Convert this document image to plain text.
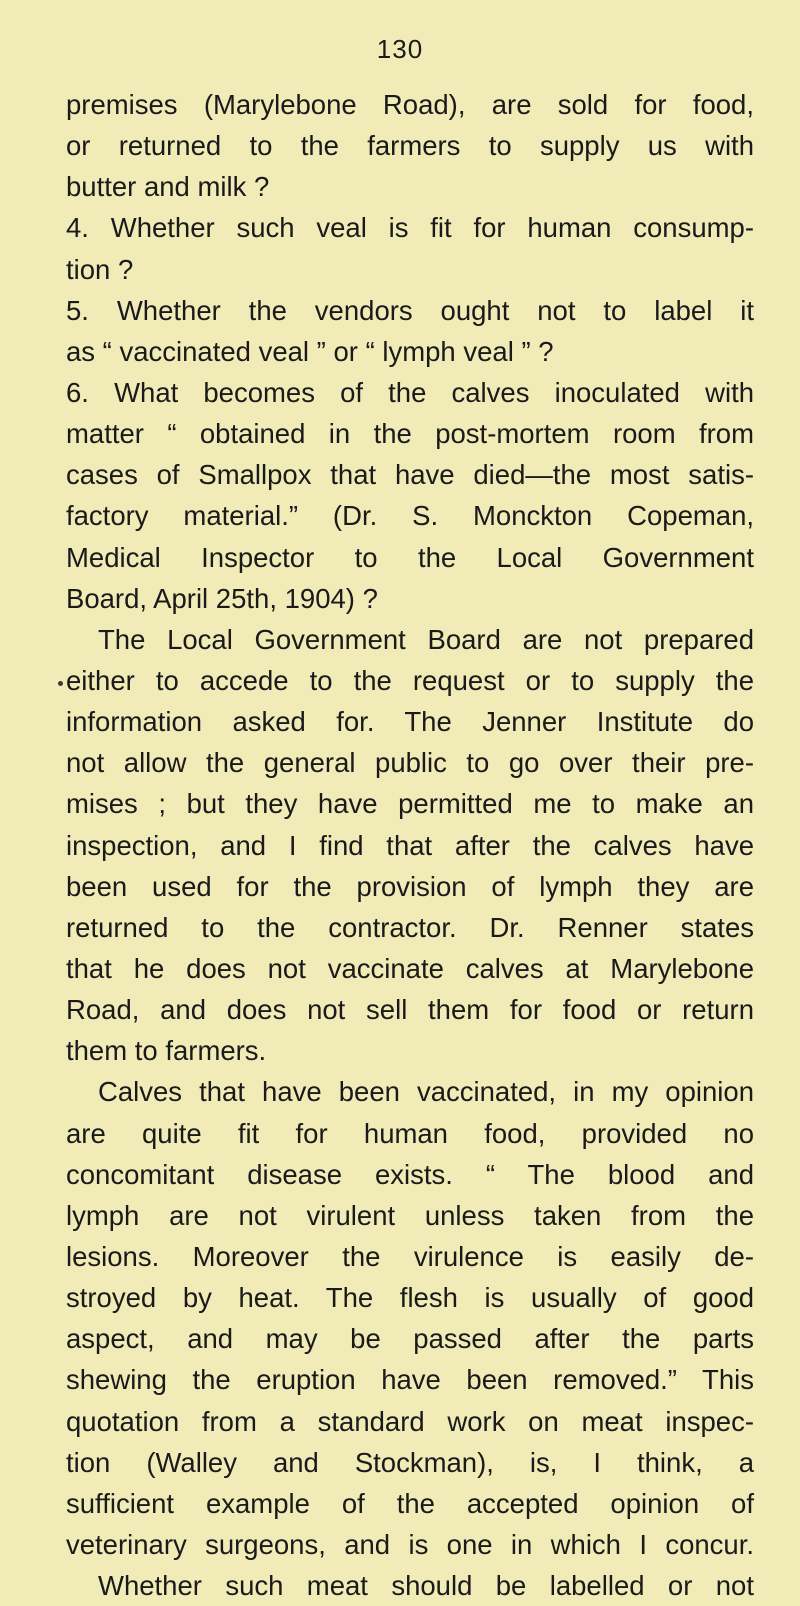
130
premises (Marylebone Road), are sold for food,
or returned to the farmers to supply us with
butter and milk ?
4. Whether such veal is fit for human consump-
tion ?
5. Whether the vendors ought not to label it
as “ vaccinated veal ” or “ lymph veal ” ?
6. What becomes of the calves inoculated with
matter “ obtained in the post-mortem room from
cases of Smallpox that have died—the most satis-
factory material.” (Dr. S. Monckton Copeman,
Medical Inspector to the Local Government
Board, April 25th, 1904) ?
The Local Government Board are not prepared
either to accede to the request or to supply the
information asked for. The Jenner Institute do
not allow the general public to go over their pre-
mises ; but they have permitted me to make an
inspection, and I find that after the calves have
been used for the provision of lymph they are
returned to the contractor. Dr. Renner states
that he does not vaccinate calves at Marylebone
Road, and does not sell them for food or return
them to farmers.
Calves that have been vaccinated, in my opinion
are quite fit for human food, provided no
concomitant disease exists. “ The blood and
lymph are not virulent unless taken from the
lesions. Moreover the virulence is easily de-
stroyed by heat. The flesh is usually of good
aspect, and may be passed after the parts
shewing the eruption have been removed.” This
quotation from a standard work on meat inspec-
tion (Walley and Stockman), is, I think, a
sufficient example of the accepted opinion of
veterinary surgeons, and is one in which I concur.
Whether such meat should be labelled or not
